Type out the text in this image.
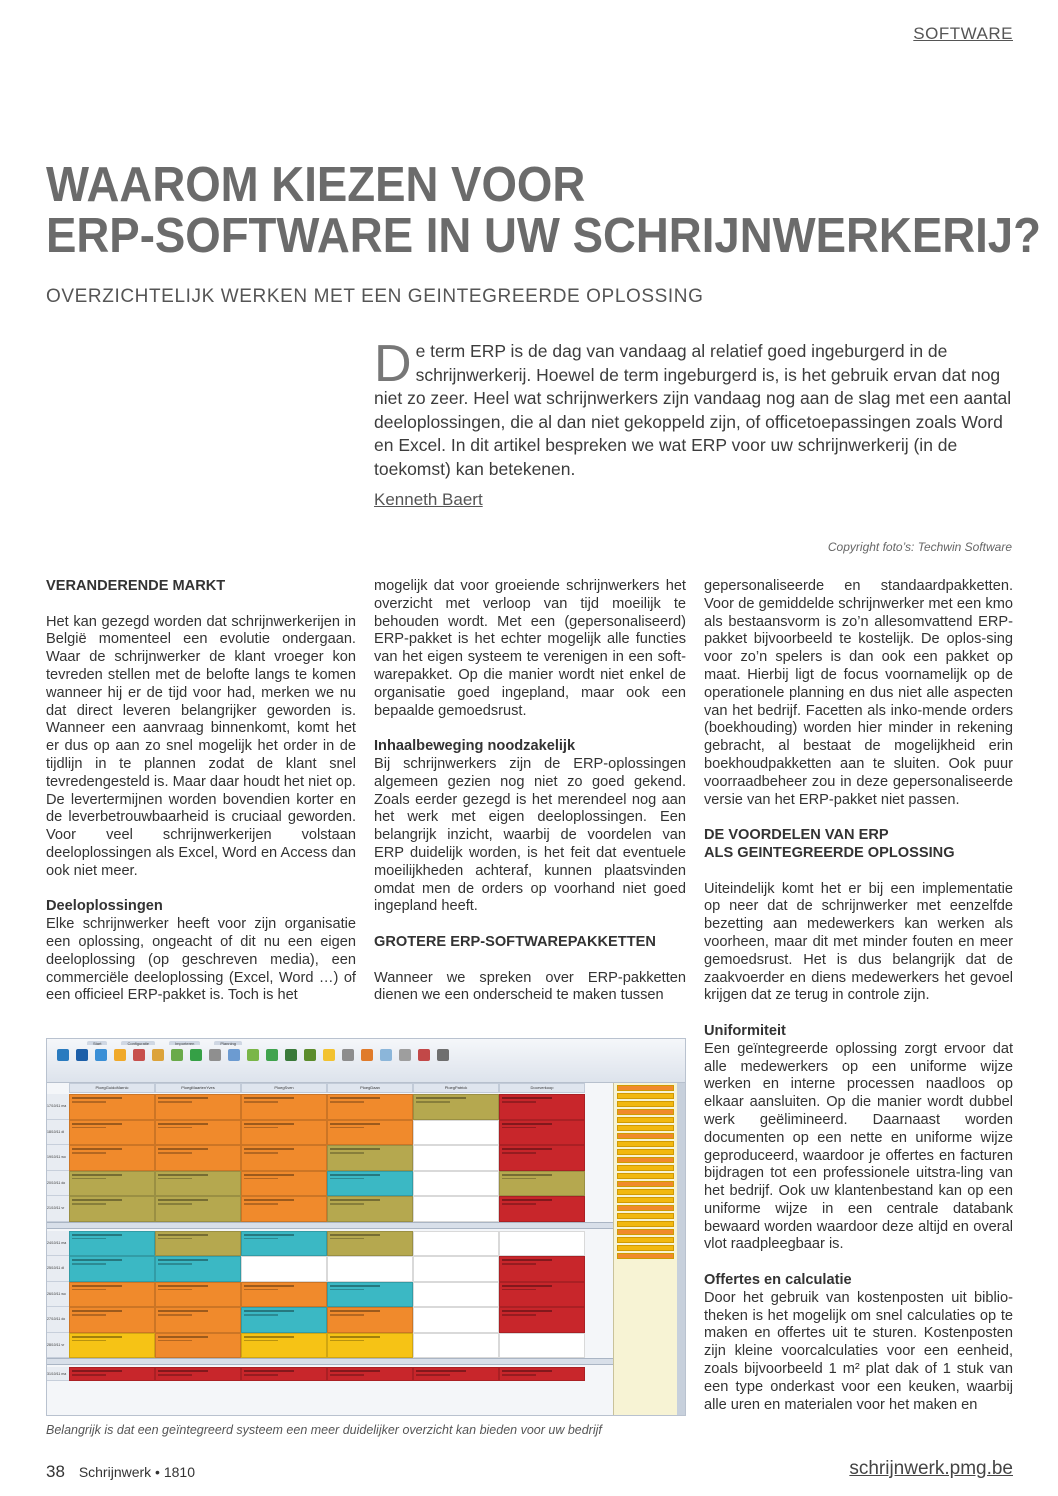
SOFTWARE
WAAROM KIEZEN VOOR
ERP-SOFTWARE IN UW SCHRIJNWERKERIJ?
OVERZICHTELIJK WERKEN MET EEN GEINTEGREERDE OPLOSSING
De term ERP is de dag van vandaag al relatief goed ingeburgerd in de schrijnwerkerij. Hoewel de term ingeburgerd is, is het gebruik ervan dat nog niet zo zeer. Heel wat schrijnwerkers zijn vandaag nog aan de slag met een aantal deeloplossingen, die al dan niet gekoppeld zijn, of officetoepassingen zoals Word en Excel. In dit artikel bespreken we wat ERP voor uw schrijnwerkerij (in de toekomst) kan betekenen.
Kenneth Baert
Copyright foto’s: Techwin Software
VERANDERENDE MARKT

Het kan gezegd worden dat schrijnwerkerijen in België momenteel een evolutie ondergaan. Waar de schrijnwerker de klant vroeger kon tevreden stellen met de belofte langs te komen wanneer hij er de tijd voor had, merken we nu dat direct leveren belangrijker geworden is. Wanneer een aanvraag binnenkomt, komt het er dus op aan zo snel mogelijk het order in de tijdlijn in te plannen zodat de klant snel tevredengesteld is. Maar daar houdt het niet op. De levertermijnen worden bovendien korter en de leverbetrouwbaarheid is cruciaal geworden. Voor veel schrijnwerkerijen volstaan deeloplossingen als Excel, Word en Access dan ook niet meer.

Deeloplossingen

Elke schrijnwerker heeft voor zijn organisatie een oplossing, ongeacht of dit nu een eigen deeloplossing (op geschreven media), een commerciële deeloplossing (Excel, Word …) of een officieel ERP-pakket is. Toch is het

mogelijk dat voor groeiende schrijnwerkers het overzicht met verloop van tijd moeilijk te behouden wordt. Met een (gepersonaliseerd) ERP-pakket is het echter mogelijk alle functies van het eigen systeem te verenigen in een soft-warepakket. Op die manier wordt niet enkel de organisatie goed ingepland, maar ook een bepaalde gemoedsrust.

Inhaalbeweging noodzakelijk

Bij schrijnwerkers zijn de ERP-oplossingen algemeen gezien nog niet zo goed gekend. Zoals eerder gezegd is het merendeel nog aan het werk met eigen deeloplossingen. Een belangrijk inzicht, waarbij de voordelen van ERP duidelijk worden, is het feit dat eventuele moeilijkheden achteraf, kunnen plaatsvinden omdat men de orders op voorhand niet goed ingepland heeft.

GROTERE ERP-SOFTWAREPAKKETTEN

Wanneer we spreken over ERP-pakketten dienen we een onderscheid te maken tussen

gepersonaliseerde en standaardpakketten. Voor de gemiddelde schrijnwerker met een kmo als bestaansvorm is zo’n allesomvattend ERP-pakket bijvoorbeeld te kostelijk. De oplos-sing voor zo’n spelers is dan ook een pakket op maat. Hierbij ligt de focus voornamelijk op de operationele planning en dus niet alle aspecten van het bedrijf. Facetten als inko-mende orders (boekhouding) worden hier minder in rekening gebracht, al bestaat de mogelijkheid erin boekhoudpakketten aan te sluiten. Ook puur voorraadbeheer zou in deze gepersonaliseerde versie van het ERP-pakket niet passen.

DE VOORDELEN VAN ERP
ALS GEINTEGREERDE OPLOSSING

Uiteindelijk komt het er bij een implementatie op neer dat de schrijnwerker met eenzelfde bezetting aan medewerkers kan werken als voorheen, maar dit met minder fouten en meer gemoedsrust. Het is dus belangrijk dat de zaakvoerder en diens medewerkers het gevoel krijgen dat ze terug in controle zijn.

Uniformiteit

Een geïntegreerde oplossing zorgt ervoor dat alle medewerkers op een uniforme wijze werken en interne processen naadloos op elkaar aansluiten. Op die manier wordt dubbel werk geëlimineerd. Daarnaast worden documenten op een nette en uniforme wijze geproduceerd, waardoor je offertes en facturen bijdragen tot een professionele uitstra-ling van het bedrijf. Ook uw klantenbestand kan op een uniforme wijze in een centrale databank bewaard worden waardoor deze altijd en overal vlot raadpleegbaar is.

Offertes en calculatie

Door het gebruik van kostenposten uit biblio-theken is het mogelijk om snel calculaties op te maken en offertes uit te sturen. Kostenposten zijn kleine voorcalculaties voor een eenheid, zoals bijvoorbeeld 1 m² plat dak of 1 stuk van een type onderkast voor een keuken, waarbij alle uren en materialen voor het maken en

Start	Configuratie	Importeren	Planning
PloegGuidoMarnic	PloegMaartenYves	PloegSven	PloegDaan	PloegPatrick	Doorverkoop
17/10/11 ma
18/10/11 di
19/10/11 wo
20/10/11 do
21/10/11 vr
24/10/11 ma
25/10/11 di
26/10/11 wo
27/10/11 do
28/10/11 vr
31/10/11 ma
Belangrijk is dat een geïntegreerd systeem een meer duidelijker overzicht kan bieden voor uw bedrijf
38 Schrijnwerk • 1810	schrijnwerk.pmg.be
